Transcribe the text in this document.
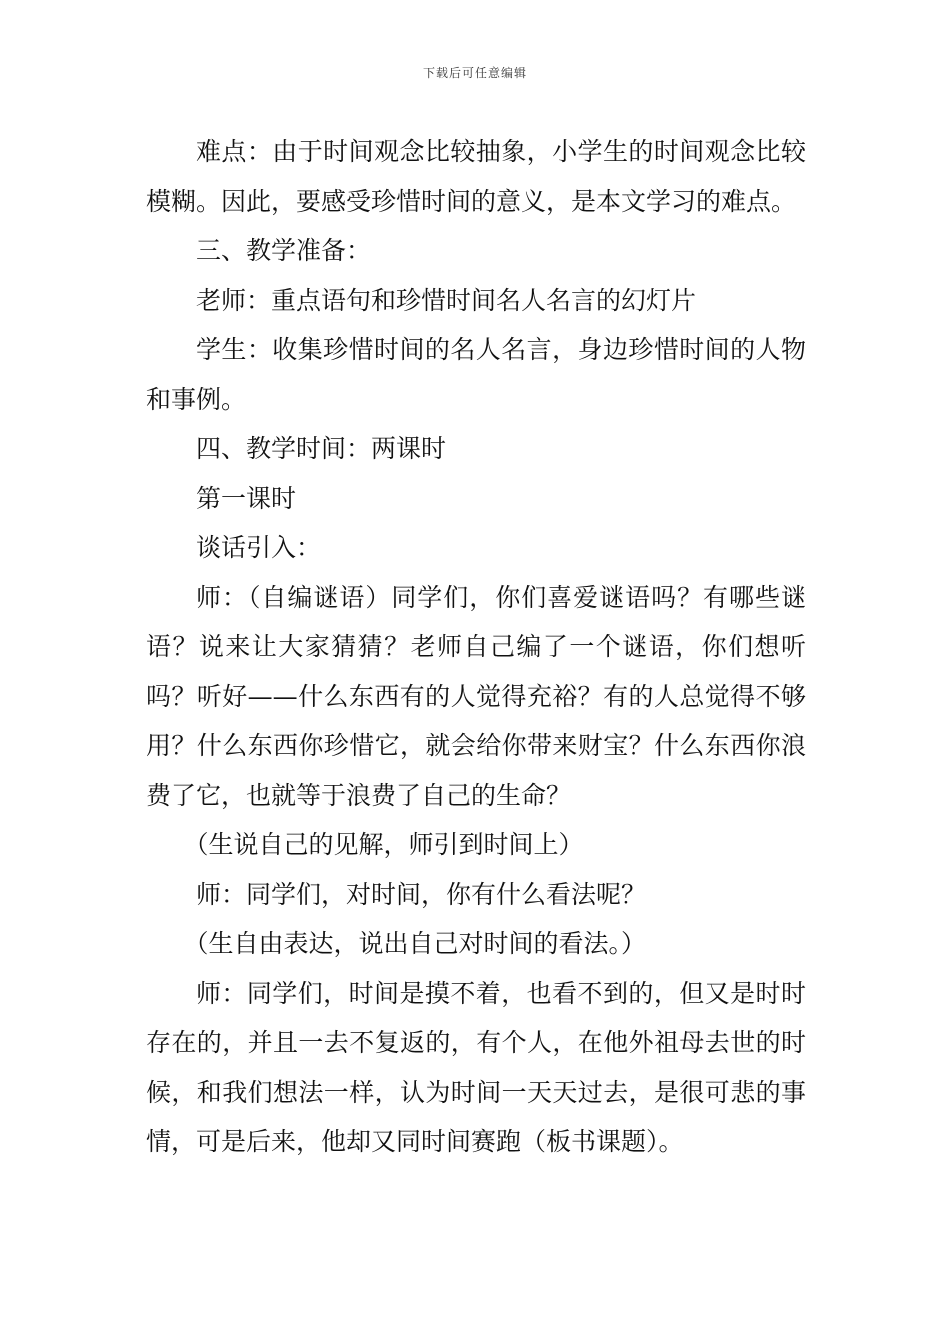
下载后可任意编辑

难点：由于时间观念比较抽象，小学生的时间观念比较模糊。因此，要感受珍惜时间的意义，是本文学习的难点。

三、教学准备：

老师：重点语句和珍惜时间名人名言的幻灯片

学生：收集珍惜时间的名人名言，身边珍惜时间的人物和事例。

四、教学时间：两课时

第一课时

谈话引入：

师：（自编谜语）同学们，你们喜爱谜语吗？有哪些谜语？说来让大家猜猜？老师自己编了一个谜语，你们想听吗？听好——什么东西有的人觉得充裕？有的人总觉得不够用？什么东西你珍惜它，就会给你带来财宝？什么东西你浪费了它，也就等于浪费了自己的生命？

（生说自己的见解，师引到时间上）

师：同学们，对时间，你有什么看法呢？

（生自由表达，说出自己对时间的看法。）

师：同学们，时间是摸不着，也看不到的，但又是时时存在的，并且一去不复返的，有个人，在他外祖母去世的时候，和我们想法一样，认为时间一天天过去，是很可悲的事情，可是后来，他却又同时间赛跑（板书课题）。
